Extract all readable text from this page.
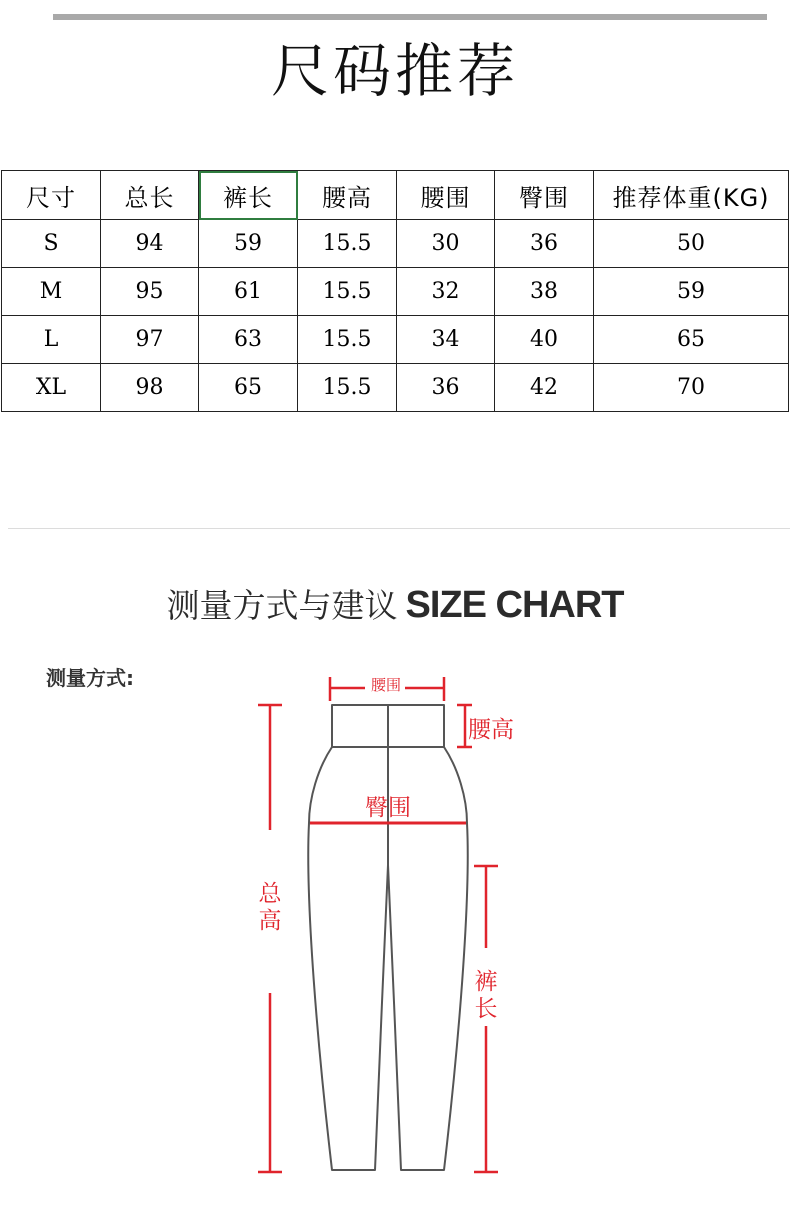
尺码推荐
尺寸	总长	裤长	腰高	腰围	臀围	推荐体重(KG)
S	94	59	15.5	30	36	50
M	95	61	15.5	32	38	59
L	97	63	15.5	34	40	65
XL	98	65	15.5	36	42	70
测量方式与建议 SIZE CHART
测量方式:	腰围
腰高
臀围
总
高
裤
长
